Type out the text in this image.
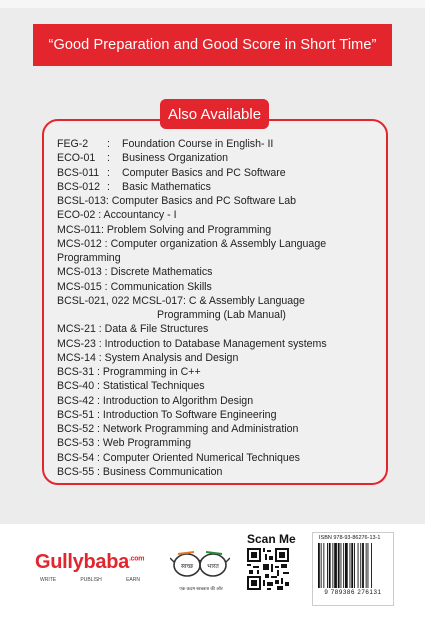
“Good Preparation and Good Score in Short Time”
Also Available
FEG-2 : Foundation Course in English- II
ECO-01 : Business Organization
BCS-011 : Computer Basics and PC Software
BCS-012 : Basic Mathematics
BCSL-013: Computer Basics and PC Software Lab
ECO-02 : Accountancy - I
MCS-011: Problem Solving and Programming
MCS-012 : Computer organization & Assembly Language Programming
MCS-013 : Discrete Mathematics
MCS-015 : Communication Skills
BCSL-021, 022 MCSL-017: C & Assembly Language
Programming (Lab Manual)
MCS-21 : Data & File Structures
MCS-23 : Introduction to Database Management systems
MCS-14 : System Analysis and Design
BCS-31 : Programming in C++
BCS-40 : Statistical Techniques
BCS-42 : Introduction to Algorithm Design
BCS-51 : Introduction To Software Engineering
BCS-52 : Network Programming and Administration
BCS-53 : Web Programming
BCS-54 : Computer Oriented Numerical Techniques
BCS-55 : Business Communication
Gullybaba$^{.com}$
WRITE	PUBLISH	EARN
स्वच्छ भारत
एक कदम स्वच्छता की ओर
Scan Me	ISBN 978-93-86276-13-1
9 789386 276131
